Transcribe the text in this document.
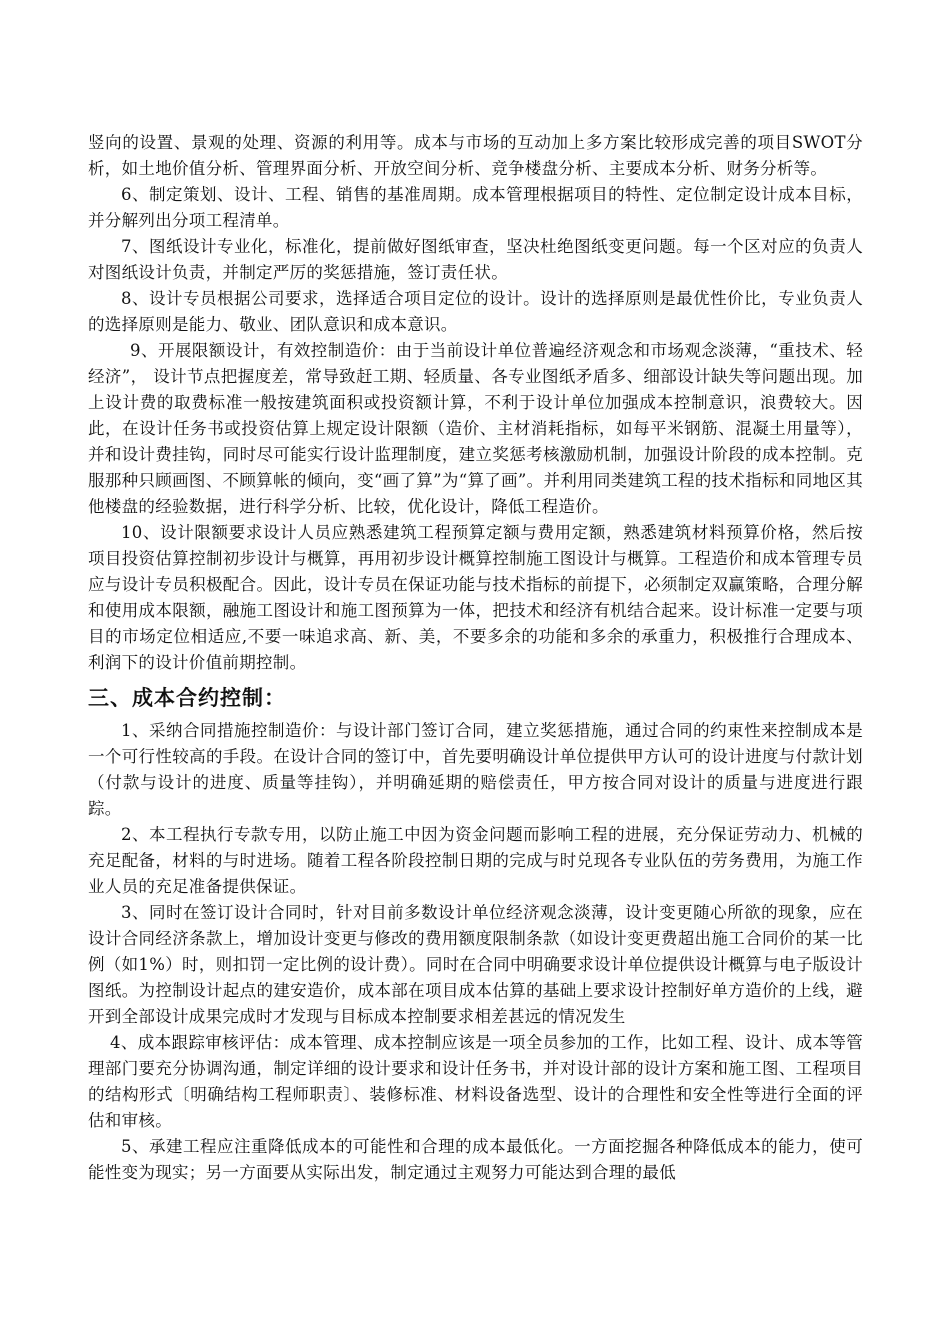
竖向的设置、景观的处理、资源的利用等。成本与市场的互动加上多方案比较形成完善的项目SWOT分析，如土地价值分析、管理界面分析、开放空间分析、竞争楼盘分析、主要成本分析、财务分析等。

6、制定策划、设计、工程、销售的基准周期。成本管理根据项目的特性、定位制定设计成本目标，并分解列出分项工程清单。

7、图纸设计专业化，标准化，提前做好图纸审查，坚决杜绝图纸变更问题。每一个区对应的负责人对图纸设计负责，并制定严厉的奖惩措施，签订责任状。

8、设计专员根据公司要求，选择适合项目定位的设计。设计的选择原则是最优性价比，专业负责人的选择原则是能力、敬业、团队意识和成本意识。

9、开展限额设计，有效控制造价：由于当前设计单位普遍经济观念和市场观念淡薄，“重技术、轻经济”， 设计节点把握度差，常导致赶工期、轻质量、各专业图纸矛盾多、细部设计缺失等问题出现。加上设计费的取费标准一般按建筑面积或投资额计算，不利于设计单位加强成本控制意识，浪费较大。因此，在设计任务书或投资估算上规定设计限额（造价、主材消耗指标，如每平米钢筋、混凝土用量等），并和设计费挂钩，同时尽可能实行设计监理制度，建立奖惩考核激励机制，加强设计阶段的成本控制。克服那种只顾画图、不顾算帐的倾向，变“画了算”为“算了画”。并利用同类建筑工程的技术指标和同地区其他楼盘的经验数据，进行科学分析、比较，优化设计，降低工程造价。

10、设计限额要求设计人员应熟悉建筑工程预算定额与费用定额，熟悉建筑材料预算价格，然后按项目投资估算控制初步设计与概算，再用初步设计概算控制施工图设计与概算。工程造价和成本管理专员应与设计专员积极配合。因此，设计专员在保证功能与技术指标的前提下，必须制定双赢策略，合理分解和使用成本限额，融施工图设计和施工图预算为一体，把技术和经济有机结合起来。设计标准一定要与项目的市场定位相适应,不要一味追求高、新、美，不要多余的功能和多余的承重力，积极推行合理成本、利润下的设计价值前期控制。

三、成本合约控制：

1、采纳合同措施控制造价：与设计部门签订合同，建立奖惩措施，通过合同的约束性来控制成本是一个可行性较高的手段。在设计合同的签订中，首先要明确设计单位提供甲方认可的设计进度与付款计划（付款与设计的进度、质量等挂钩），并明确延期的赔偿责任，甲方按合同对设计的质量与进度进行跟踪。

2、本工程执行专款专用，以防止施工中因为资金问题而影响工程的进展，充分保证劳动力、机械的充足配备，材料的与时进场。随着工程各阶段控制日期的完成与时兑现各专业队伍的劳务费用，为施工作业人员的充足准备提供保证。

3、同时在签订设计合同时，针对目前多数设计单位经济观念淡薄，设计变更随心所欲的现象，应在设计合同经济条款上，增加设计变更与修改的费用额度限制条款（如设计变更费超出施工合同价的某一比例（如1%）时，则扣罚一定比例的设计费）。同时在合同中明确要求设计单位提供设计概算与电子版设计图纸。为控制设计起点的建安造价，成本部在项目成本估算的基础上要求设计控制好单方造价的上线，避开到全部设计成果完成时才发现与目标成本控制要求相差甚远的情况发生

4、成本跟踪审核评估：成本管理、成本控制应该是一项全员参加的工作，比如工程、设计、成本等管理部门要充分协调沟通，制定详细的设计要求和设计任务书，并对设计部的设计方案和施工图、工程项目的结构形式〔明确结构工程师职责〕、装修标准、材料设备选型、设计的合理性和安全性等进行全面的评估和审核。

5、承建工程应注重降低成本的可能性和合理的成本最低化。一方面挖掘各种降低成本的能力，使可能性变为现实；另一方面要从实际出发，制定通过主观努力可能达到合理的最低
